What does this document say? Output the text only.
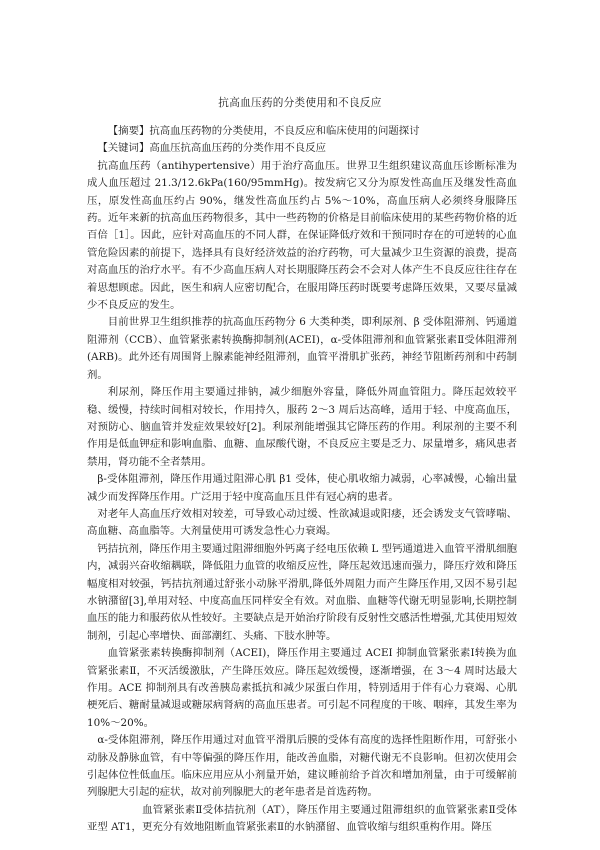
抗高血压药的分类使用和不良反应

【摘要】抗高血压药物的分类使用，不良反应和临床使用的问题探讨

【关键词】高血压抗高血压药的分类作用不良反应

抗高血压药（antihypertensive）用于治疗高血压。世界卫生组织建议高血压诊断标准为成人血压超过 21.3/12.6kPa(160/95mmHg)。按发病它又分为原发性高血压及继发性高血压，原发性高血压约占 90%，继发性高血压约占 5%～10%，高血压病人必须终身服降压药。近年来新的抗高血压药物很多，其中一些药物的价格是目前临床使用的某些药物价格的近百倍［1］。因此，应针对高血压的不同人群，在保证降低疗效和干预同时存在的可逆转的心血管危险因素的前提下，选择具有良好经济效益的治疗药物，可大量减少卫生资源的浪费，提高对高血压的治疗水平。有不少高血压病人对长期服降压药会不会对人体产生不良反应往往存在着思想顾虑。因此，医生和病人应密切配合，在服用降压药时既要考虑降压效果，又要尽量减少不良反应的发生。

目前世界卫生组织推荐的抗高血压药物分 6 大类种类，即利尿剂、β 受体阻滞剂、钙通道阻滞剂（CCB）、血管紧张素转换酶抑制剂(ACEI)，α-受体阻滞剂和血管紧张素Ⅱ受体阻滞剂(ARB)。此外还有周围肾上腺素能神经阻滞剂，血管平滑肌扩张药，神经节阻断药剂和中药制剂。

利尿剂，降压作用主要通过排钠，减少细胞外容量，降低外周血管阻力。降压起效较平稳、缓慢，持续时间相对较长，作用持久，服药 2～3 周后达高峰，适用于轻、中度高血压，对预防心、脑血管并发症效果较好[2]。利尿剂能增强其它降压药的作用。利尿剂的主要不利作用是低血钾症和影响血脂、血糖、血尿酸代谢，不良反应主要是乏力、尿量增多，痛风患者禁用，肾功能不全者禁用。

β-受体阻滞剂，降压作用通过阻滞心肌 β1 受体，使心肌收缩力减弱，心率减慢，心输出量减少而发挥降压作用。广泛用于轻中度高血压且伴有冠心病的患者。

对老年人高血压疗效相对较差，可导致心动过缓、性欲减退或阳痿，还会诱发支气管哮喘、高血糖、高血脂等。大剂量使用可诱发急性心力衰竭。

钙拮抗剂，降压作用主要通过阻滞细胞外钙离子经电压依赖 L 型钙通道进入血管平滑肌细胞内，减弱兴奋收缩耦联，降低阻力血管的收缩反应性，降压起效迅速而强力，降压疗效和降压幅度相对较强，钙拮抗剂通过舒张小动脉平滑肌,降低外周阻力而产生降压作用,又因不易引起水钠潴留[3],单用对轻、中度高血压同样安全有效。对血脂、血糖等代谢无明显影响,长期控制血压的能力和服药依从性较好。主要缺点是开始治疗阶段有反射性交感活性增强,尤其使用短效制剂，引起心率增快、面部潮红、头痛、下肢水肿等。

血管紧张素转换酶抑制剂（ACEI)，降压作用主要通过 ACEI 抑制血管紧张素Ⅰ转换为血管紧张素Ⅱ，不灭活缓激肽，产生降压效应。降压起效缓慢，逐渐增强，在 3～4 周时达最大作用。ACE 抑制剂具有改善胰岛素抵抗和减少尿蛋白作用，特别适用于伴有心力衰竭、心肌梗死后、糖耐量减退或糖尿病肾病的高血压患者。可引起不同程度的干咳、咽痒，其发生率为 10%～20%。

α-受体阻滞剂，降压作用通过对血管平滑肌后膜的受体有高度的选择性阻断作用，可舒张小动脉及静脉血管，有中等偏强的降压作用，能改善血脂，对糖代谢无不良影响。但初次使用会引起体位性低血压。临床应用应从小剂量开始，建议睡前给予首次和增加剂量，由于可缓解前列腺肥大引起的症状，故对前列腺肥大的老年患者是首选药物。

血管紧张素Ⅱ受体拮抗剂（AT），降压作用主要通过阻滞组织的血管紧张素Ⅱ受体亚型 AT1，更充分有效地阻断血管紧张素Ⅱ的水钠潴留、血管收缩与组织重构作用。降压
